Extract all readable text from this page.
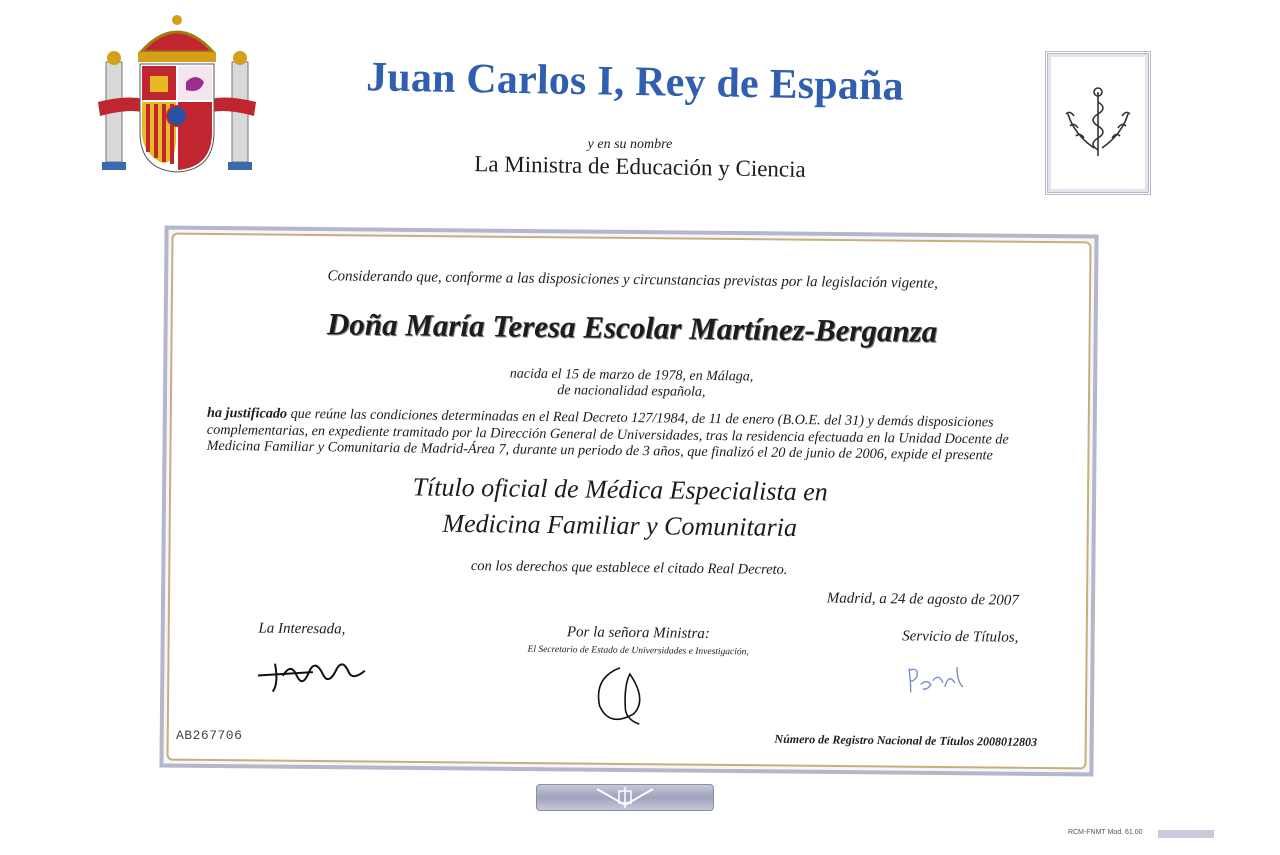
Juan Carlos I, Rey de España
y en su nombre
La Ministra de Educación y Ciencia
Considerando que, conforme a las disposiciones y circunstancias previstas por la legislación vigente,
Doña María Teresa Escolar Martínez-Berganza
nacida el 15 de marzo de 1978, en Málaga,
de nacionalidad española,
ha justificado que reúne las condiciones determinadas en el Real Decreto 127/1984, de 11 de enero (B.O.E. del 31) y demás disposiciones complementarias, en expediente tramitado por la Dirección General de Universidades, tras la residencia efectuada en la Unidad Docente de Medicina Familiar y Comunitaria de Madrid-Área 7, durante un periodo de 3 años, que finalizó el 20 de junio de 2006, expide el presente
Título oficial de Médica Especialista en
Medicina Familiar y Comunitaria
con los derechos que establece el citado Real Decreto.
Madrid, a 24 de agosto de 2007
La Interesada,	Por la señora Ministra:
El Secretario de Estado de Universidades e Investigación,
Servicio de Títulos,
Número de Registro Nacional de Títulos 2008012803
AB267706
RCM-FNMT Mod. 61.00
